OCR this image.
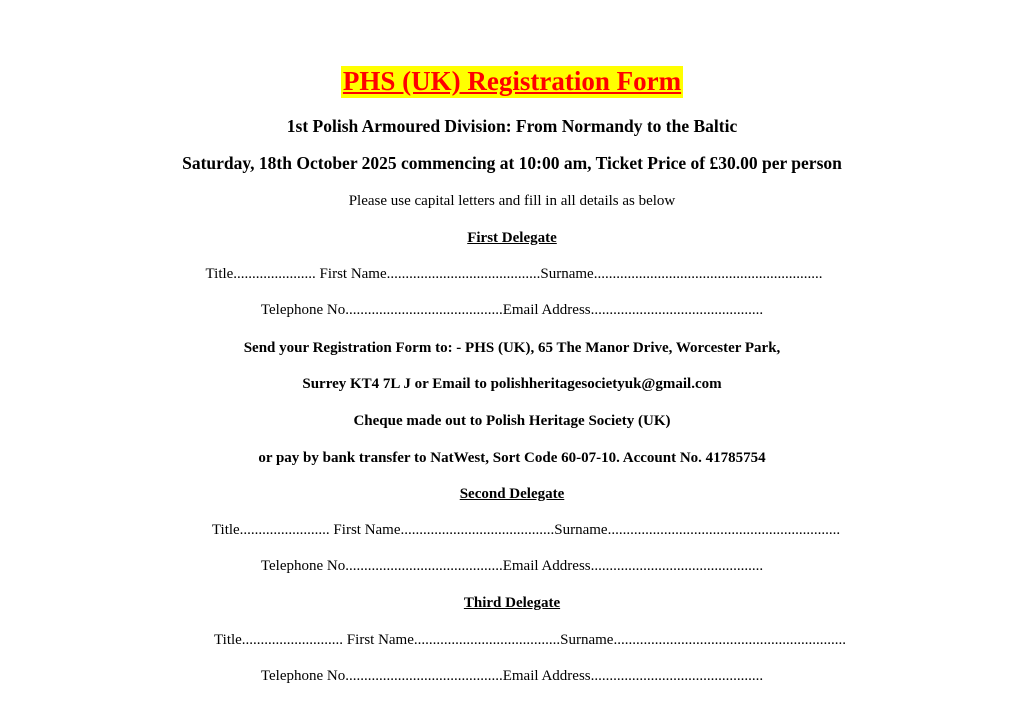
PHS (UK) Registration Form
1st Polish Armoured Division: From Normandy to the Baltic
Saturday, 18th October 2025 commencing at 10:00 am, Ticket Price of £30.00 per person
Please use capital letters and fill in all details as below
First Delegate
Title...................... First Name.........................................Surname.............................................................
Telephone No..........................................Email Address..............................................
Send your Registration Form to: - PHS (UK), 65 The Manor Drive, Worcester Park,
Surrey KT4 7L J or Email to polishheritagesocietyuk@gmail.com
Cheque made out to Polish Heritage Society (UK)
or pay by bank transfer to NatWest, Sort Code 60-07-10. Account No. 41785754
Second Delegate
Title........................ First Name.........................................Surname..............................................................
Telephone No..........................................Email Address..............................................
Third Delegate
Title........................... First Name.......................................Surname..............................................................
Telephone No..........................................Email Address..............................................
